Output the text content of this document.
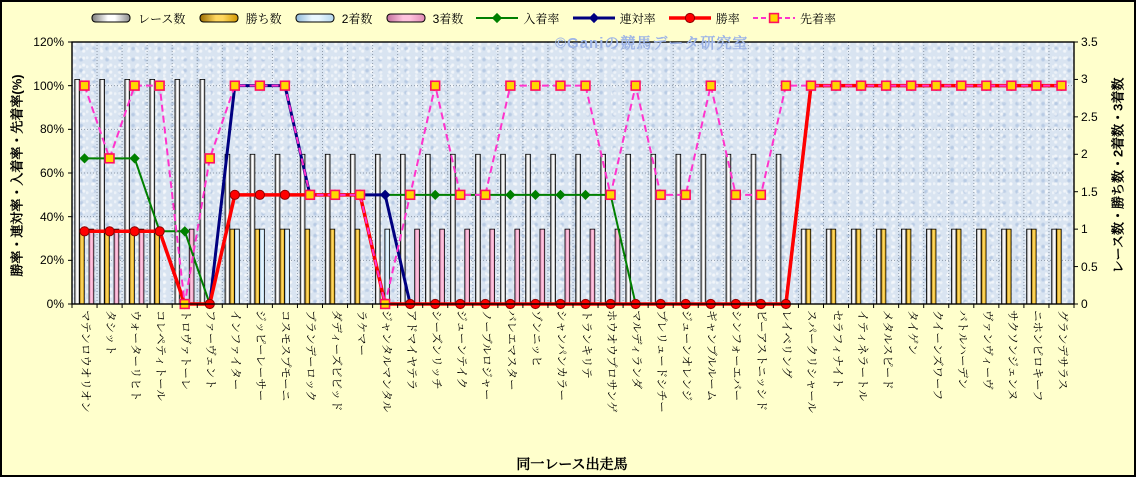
レース数	勝ち数	2着数	3着数	入着率	連対率	勝率	先着率
©Ganiの競馬データ研究室
勝率・連対率・入着率・先着率(%)	レース数・勝ち数・2着数・3着数
同一レース出走馬
120%
100%
80%
60%
40%
20%
0%
3.5
3
2.5
2
1.5
1
0.5
0
マテンロウオリオン タシット ウォーターリヒト コレペティトール トロヴァトーレ ファーヴェント インファイター ジッピーレーサー コスモスプモーニ ブランデーロック ダディーズビビッド ラケマー ジャンタルマンタル アドマイヤテラ シーズンリッチ ジューンテイク ノーブルロジャー バレエマスター ゾンニッヒ シャンパンカラー トランキリテ ホウオウプロサンゲ マルディランダ プレリュードシチー ジューンオレンジ ギャンブルルーム シンフォーエバー ピーアストニッシド レイベリング スパークリシャール セラフィナイト イティネラートル メタルスピード タイゲン クイーンズワーフ バトルハーデン ヴァンヴィーヴ サクソンジェンヌ ニホンピロキーフ グランデサラス
